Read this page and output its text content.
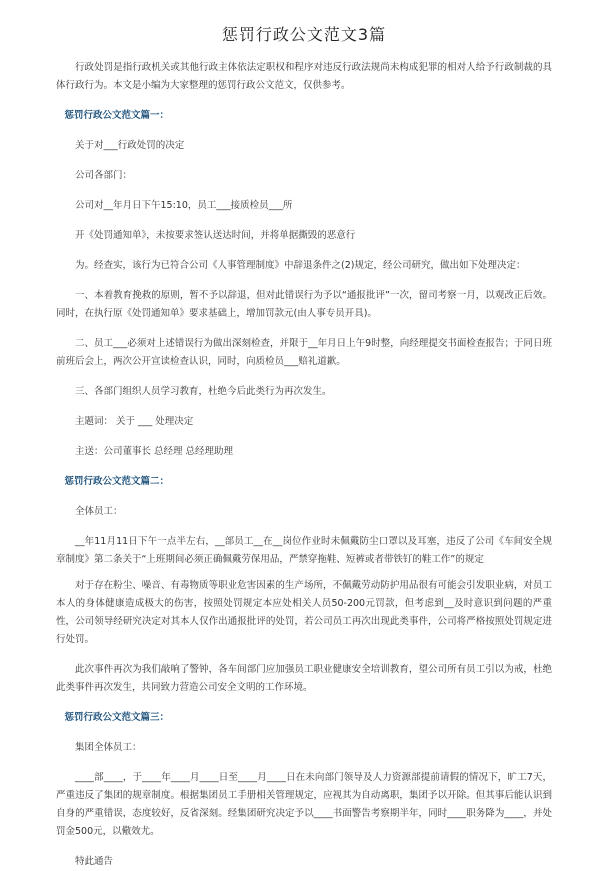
惩罚行政公文范文3篇

行政处罚是指行政机关或其他行政主体依法定职权和程序对违反行政法规尚未构成犯罪的相对人给予行政制裁的具体行政行为。本文是小编为大家整理的惩罚行政公文范文，仅供参考。

惩罚行政公文范文篇一：

关于对___行政处罚的决定

公司各部门：

公司对__年月日下午15:10，员工___接质检员___所

开《处罚通知单》，未按要求签认送达时间，并将单据撕毁的恶意行

为。经查实，该行为已符合公司《人事管理制度》中辞退条件之(2)规定，经公司研究，做出如下处理决定：

一、本着教育挽救的原则，暂不予以辞退，但对此错误行为予以“通报批评”一次，留司考察一月，以观改正后效。同时，在执行原《处罚通知单》要求基础上，增加罚款元(由人事专员开具)。

二、员工___必须对上述错误行为做出深刻检查，并限于__年月日上午9时整，向经理提交书面检查报告；于同日班前班后会上，两次公开宣读检查认识，同时，向质检员___赔礼道歉。

三、各部门组织人员学习教育，杜绝今后此类行为再次发生。

主题词： 关于 ___ 处理决定

主送：公司董事长 总经理 总经理助理

惩罚行政公文范文篇二：

全体员工：

__年11月11日下午一点半左右，__部员工__在__岗位作业时未佩戴防尘口罩以及耳塞，违反了公司《车间安全规章制度》第二条关于“上班期间必须正确佩戴劳保用品，严禁穿拖鞋、短裤或者带铁钉的鞋工作”的规定

对于存在粉尘、噪音、有毒物质等职业危害因素的生产场所，不佩戴劳动防护用品很有可能会引发职业病，对员工本人的身体健康造成极大的伤害，按照处罚规定本应处相关人员50-200元罚款，但考虑到__及时意识到问题的严重性，公司领导经研究决定对其本人仅作出通报批评的处罚，若公司员工再次出现此类事件，公司将严格按照处罚规定进行处罚。

此次事件再次为我们敲响了警钟，各车间部门应加强员工职业健康安全培训教育，望公司所有员工引以为戒，杜绝此类事件再次发生，共同致力营造公司安全文明的工作环境。

惩罚行政公文范文篇三：

集团全体员工：

____部____，于____年____月____日至____月____日在未向部门领导及人力资源部提前请假的情况下，旷工7天，严重违反了集团的规章制度。根据集团员工手册相关管理规定，应视其为自动离职，集团予以开除。但其事后能认识到自身的严重错误，态度较好，反省深刻。经集团研究决定予以____书面警告考察期半年，同时____职务降为____，并处罚金500元，以儆效尤。

特此通告
